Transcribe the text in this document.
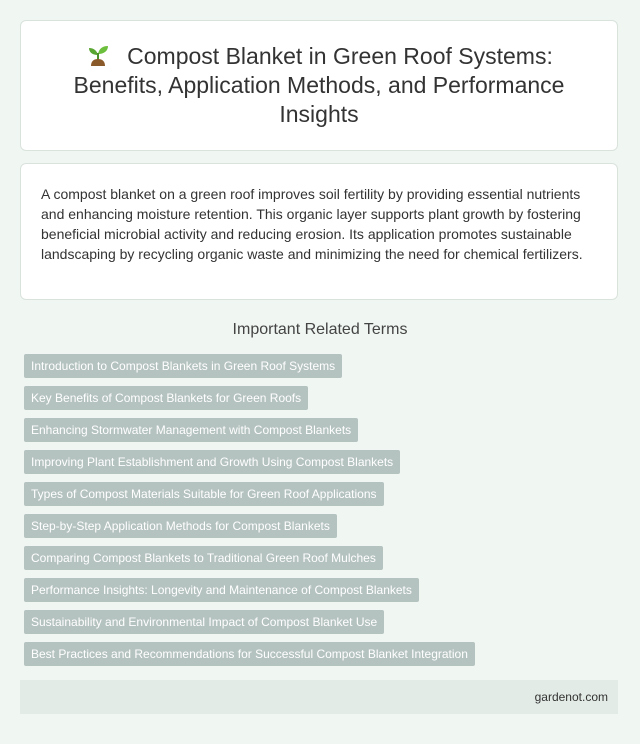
Compost Blanket in Green Roof Systems: Benefits, Application Methods, and Performance Insights

A compost blanket on a green roof improves soil fertility by providing essential nutrients and enhancing moisture retention. This organic layer supports plant growth by fostering beneficial microbial activity and reducing erosion. Its application promotes sustainable landscaping by recycling organic waste and minimizing the need for chemical fertilizers.

Important Related Terms
Introduction to Compost Blankets in Green Roof Systems
Key Benefits of Compost Blankets for Green Roofs
Enhancing Stormwater Management with Compost Blankets
Improving Plant Establishment and Growth Using Compost Blankets
Types of Compost Materials Suitable for Green Roof Applications
Step-by-Step Application Methods for Compost Blankets
Comparing Compost Blankets to Traditional Green Roof Mulches
Performance Insights: Longevity and Maintenance of Compost Blankets
Sustainability and Environmental Impact of Compost Blanket Use
Best Practices and Recommendations for Successful Compost Blanket Integration
gardenot.com
